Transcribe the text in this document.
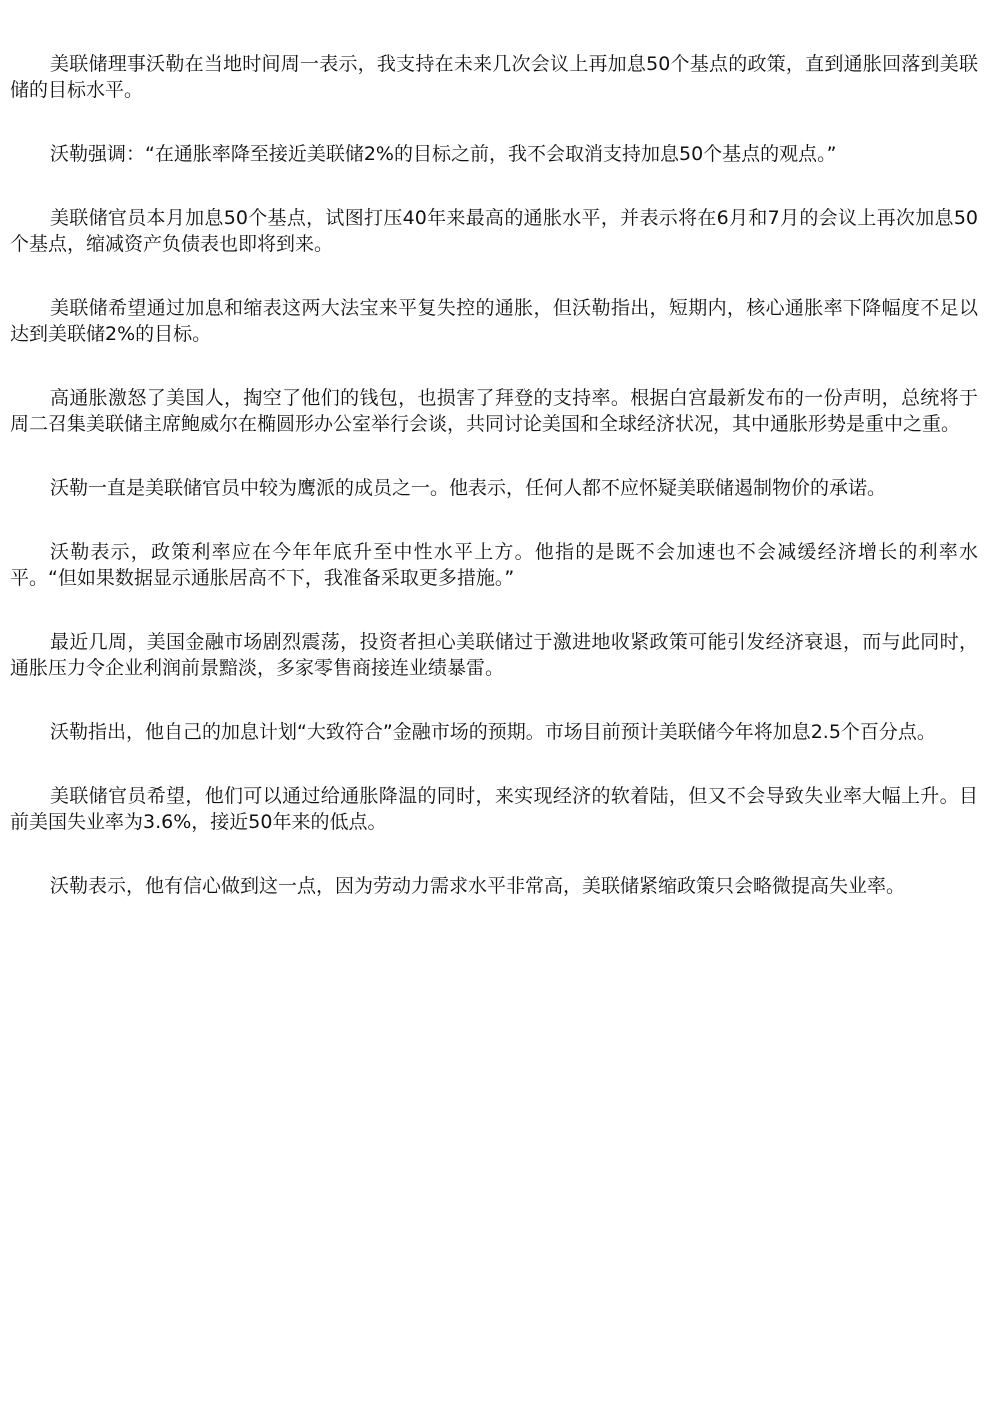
美联储理事沃勒在当地时间周一表示，我支持在未来几次会议上再加息50个基点的政策，直到通胀回落到美联储的目标水平。

沃勒强调：“在通胀率降至接近美联储2%的目标之前，我不会取消支持加息50个基点的观点。”

美联储官员本月加息50个基点，试图打压40年来最高的通胀水平，并表示将在6月和7月的会议上再次加息50个基点，缩减资产负债表也即将到来。

美联储希望通过加息和缩表这两大法宝来平复失控的通胀，但沃勒指出，短期内，核心通胀率下降幅度不足以达到美联储2%的目标。

高通胀激怒了美国人，掏空了他们的钱包，也损害了拜登的支持率。根据白宫最新发布的一份声明，总统将于周二召集美联储主席鲍威尔在椭圆形办公室举行会谈，共同讨论美国和全球经济状况，其中通胀形势是重中之重。

沃勒一直是美联储官员中较为鹰派的成员之一。他表示，任何人都不应怀疑美联储遏制物价的承诺。

沃勒表示，政策利率应在今年年底升至中性水平上方。他指的是既不会加速也不会减缓经济增长的利率水平。“但如果数据显示通胀居高不下，我准备采取更多措施。”

最近几周，美国金融市场剧烈震荡，投资者担心美联储过于激进地收紧政策可能引发经济衰退，而与此同时，通胀压力令企业利润前景黯淡，多家零售商接连业绩暴雷。

沃勒指出，他自己的加息计划“大致符合”金融市场的预期。市场目前预计美联储今年将加息2.5个百分点。

美联储官员希望，他们可以通过给通胀降温的同时，来实现经济的软着陆，但又不会导致失业率大幅上升。目前美国失业率为3.6%，接近50年来的低点。

沃勒表示，他有信心做到这一点，因为劳动力需求水平非常高，美联储紧缩政策只会略微提高失业率。
